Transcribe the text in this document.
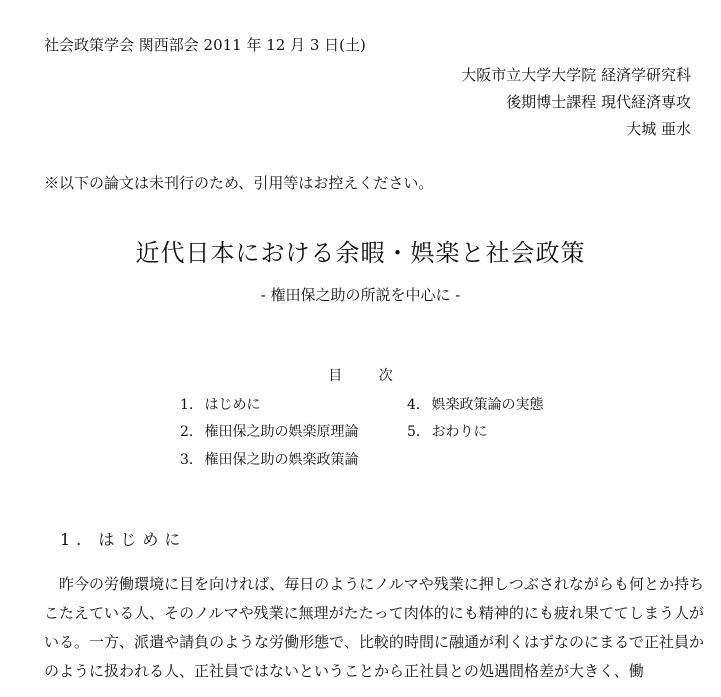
社会政策学会 関西部会 2011 年 12 月 3 日(土)
大阪市立大学大学院 経済学研究科
後期博士課程 現代経済専攻
大城 亜水
※以下の論文は未刊行のため、引用等はお控えください。
近代日本における余暇・娯楽と社会政策
- 権田保之助の所説を中心に -
目 次
1. はじめに
2. 権田保之助の娯楽原理論
3. 権田保之助の娯楽政策論
4. 娯楽政策論の実態
5. おわりに
1. はじめに

昨今の労働環境に目を向ければ、毎日のようにノルマや残業に押しつぶされながらも何とか持ちこたえている人、そのノルマや残業に無理がたたって肉体的にも精神的にも疲れ果ててしまう人がいる。一方、派遣や請負のような労働形態で、比較的時間に融通が利くはずなのにまるで正社員かのように扱われる人、正社員ではないということから正社員との処遇間格差が大きく、働
